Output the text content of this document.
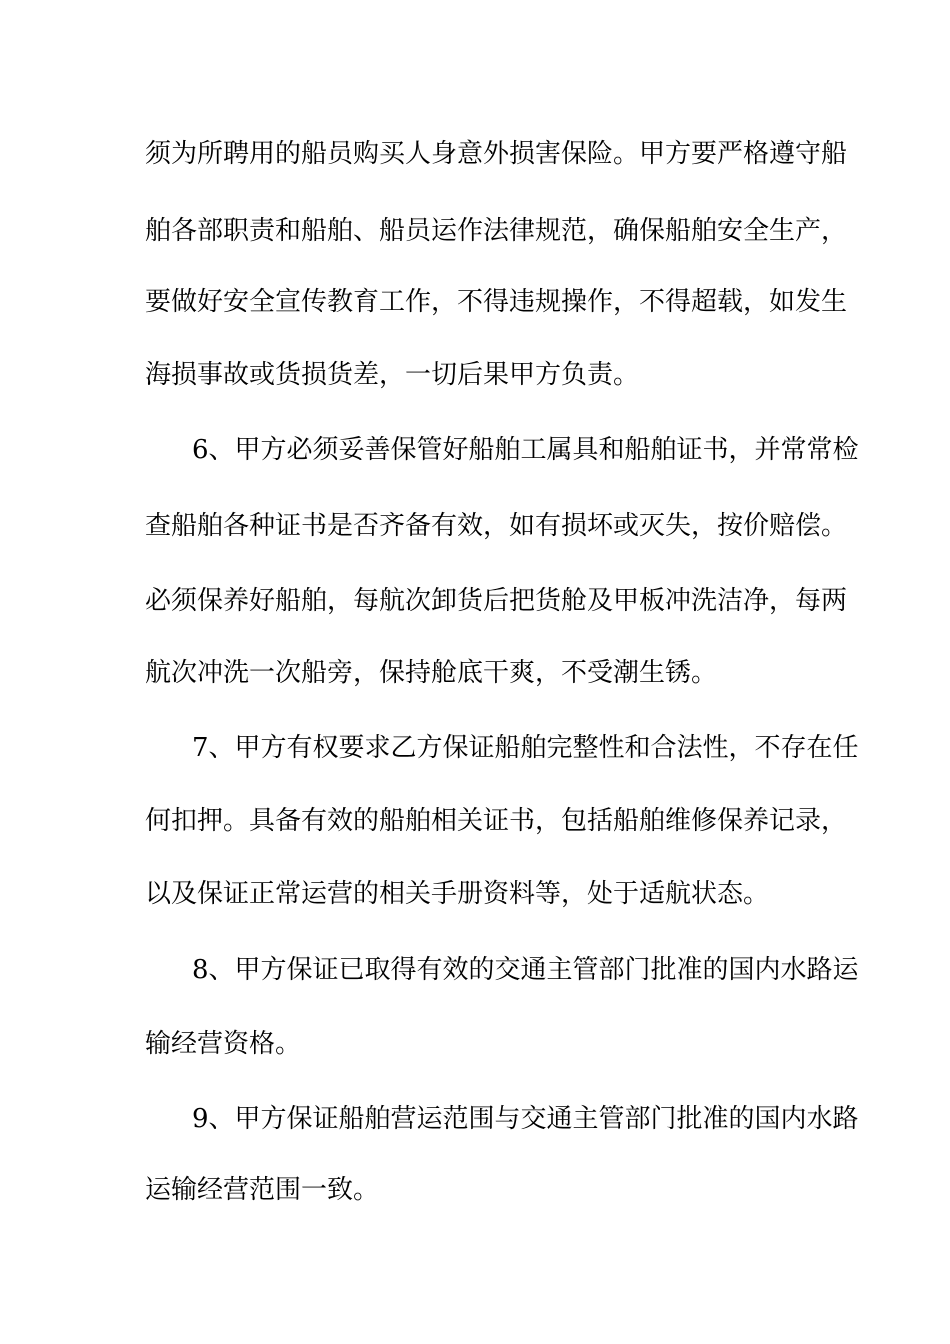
须为所聘用的船员购买人身意外损害保险。甲方要严格遵守船
舶各部职责和船舶、船员运作法律规范，确保船舶安全生产，
要做好安全宣传教育工作，不得违规操作，不得超载，如发生
海损事故或货损货差，一切后果甲方负责。
6、甲方必须妥善保管好船舶工属具和船舶证书，并常常检
查船舶各种证书是否齐备有效，如有损坏或灭失，按价赔偿。
必须保养好船舶，每航次卸货后把货舱及甲板冲洗洁净，每两
航次冲洗一次船旁，保持舱底干爽，不受潮生锈。
7、甲方有权要求乙方保证船舶完整性和合法性，不存在任
何扣押。具备有效的船舶相关证书，包括船舶维修保养记录，
以及保证正常运营的相关手册资料等，处于适航状态。
8、甲方保证已取得有效的交通主管部门批准的国内水路运
输经营资格。
9、甲方保证船舶营运范围与交通主管部门批准的国内水路
运输经营范围一致。
